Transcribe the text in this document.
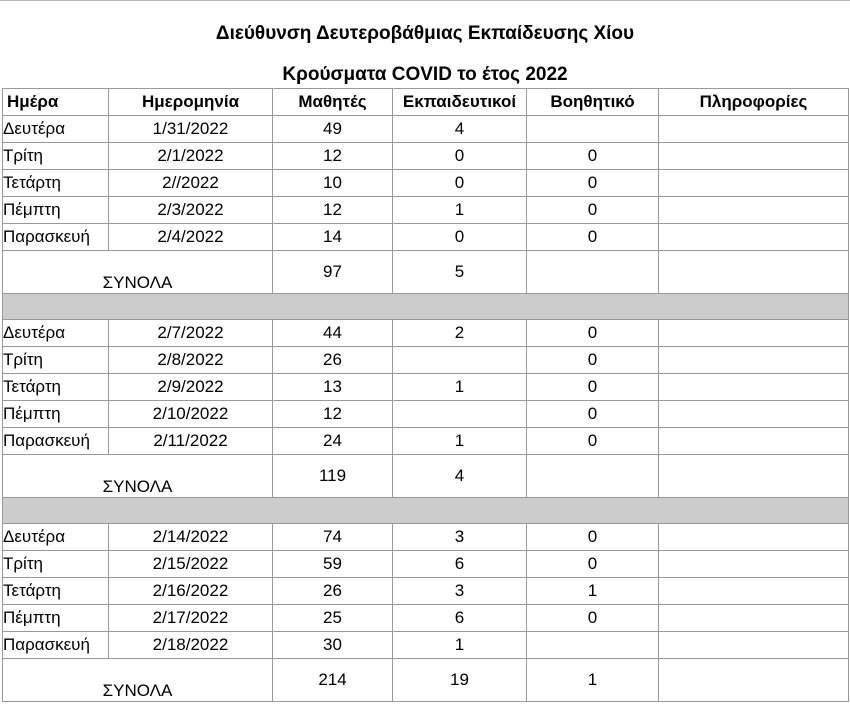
Διεύθυνση Δευτεροβάθμιας Εκπαίδευσης Χίου
Κρούσματα COVID το έτος 2022
Ημέρα	Ημερομηνία	Μαθητές	Εκπαιδευτικοί	Βοηθητικό	Πληροφορίες
Δευτέρα	1/31/2022	49	4		
Τρίτη	2/1/2022	12	0	0	
Τετάρτη	2//2022	10	0	0	
Πέμπτη	2/3/2022	12	1	0	
Παρασκευή	2/4/2022	14	0	0	
ΣΥΝΟΛΑ		97	5		

Δευτέρα	2/7/2022	44	2	0	
Τρίτη	2/8/2022	26		0	
Τετάρτη	2/9/2022	13	1	0	
Πέμπτη	2/10/2022	12		0	
Παρασκευή	2/11/2022	24	1	0	
ΣΥΝΟΛΑ		119	4		

Δευτέρα	2/14/2022	74	3	0	
Τρίτη	2/15/2022	59	6	0	
Τετάρτη	2/16/2022	26	3	1	
Πέμπτη	2/17/2022	25	6	0	
Παρασκευή	2/18/2022	30	1		
ΣΥΝΟΛΑ		214	19	1	
